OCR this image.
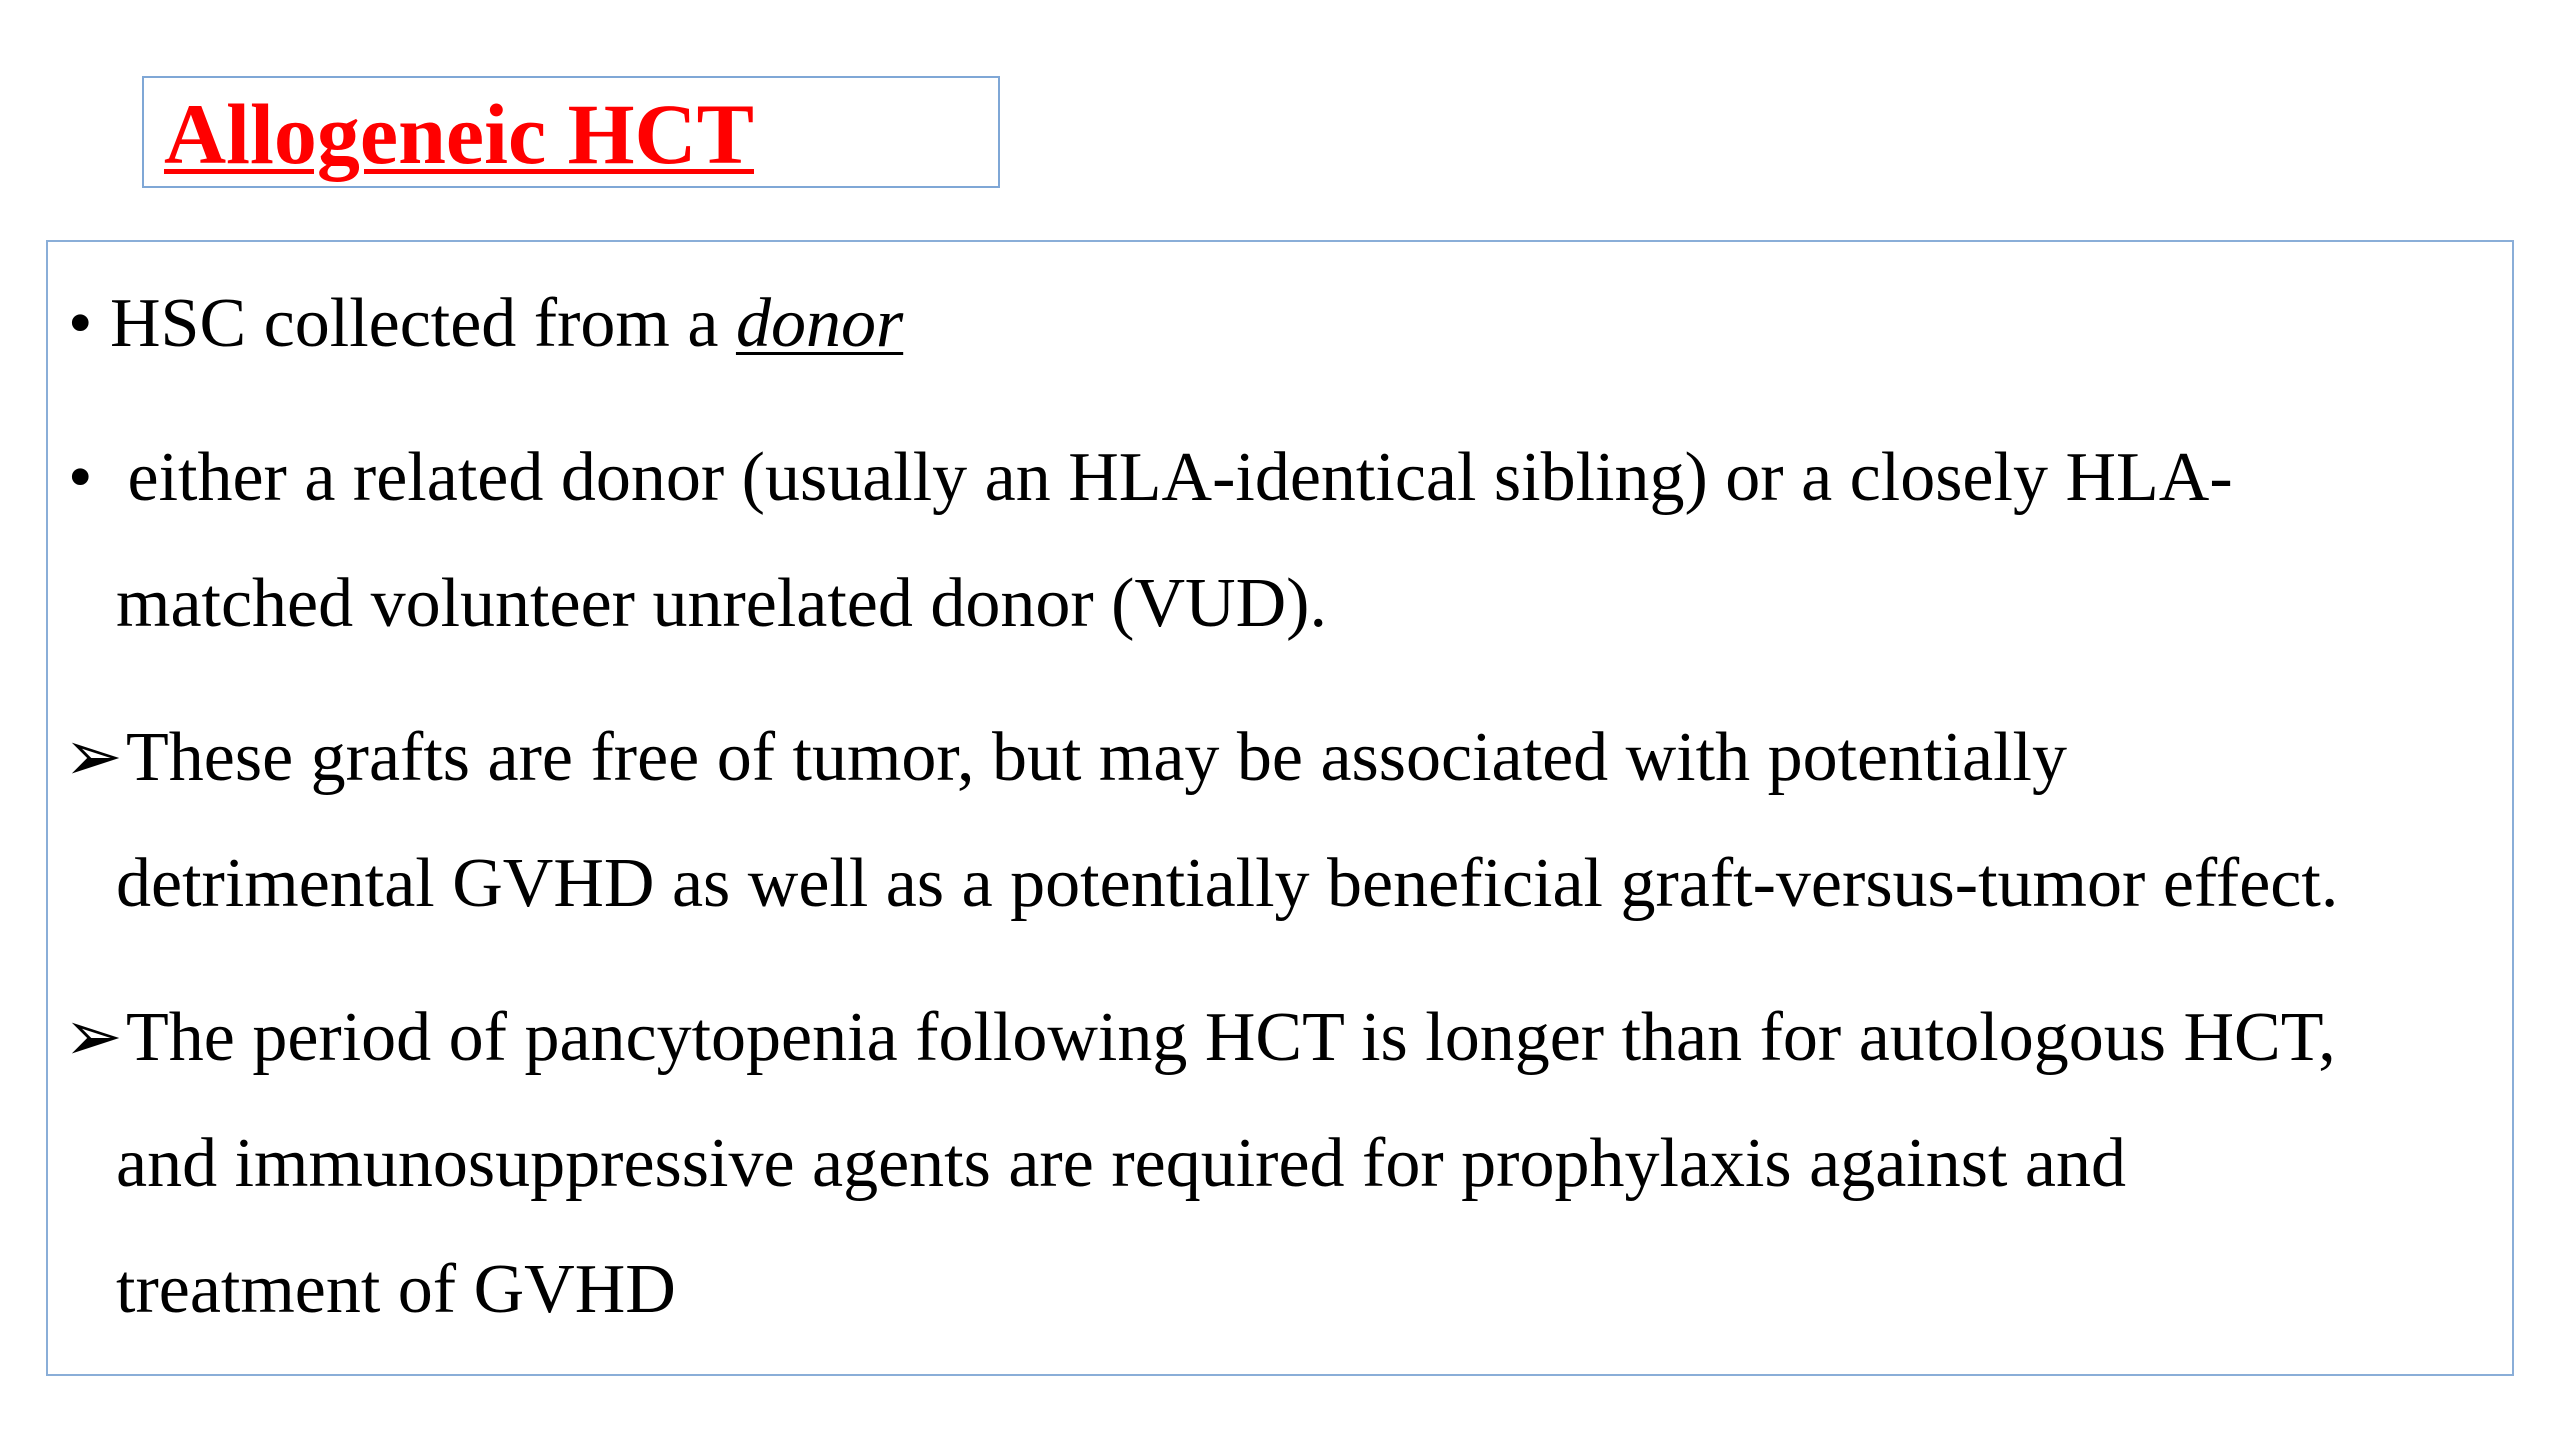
Allogeneic HCT
• HSC collected from a donor
• either a related donor (usually an HLA-identical sibling) or a closely HLA-
matched volunteer unrelated donor (VUD).
➢ These grafts are free of tumor, but may be associated with potentially
detrimental GVHD as well as a potentially beneficial graft-versus-tumor effect.
➢ The period of pancytopenia following HCT is longer than for autologous HCT,
and immunosuppressive agents are required for prophylaxis against and
treatment of GVHD
